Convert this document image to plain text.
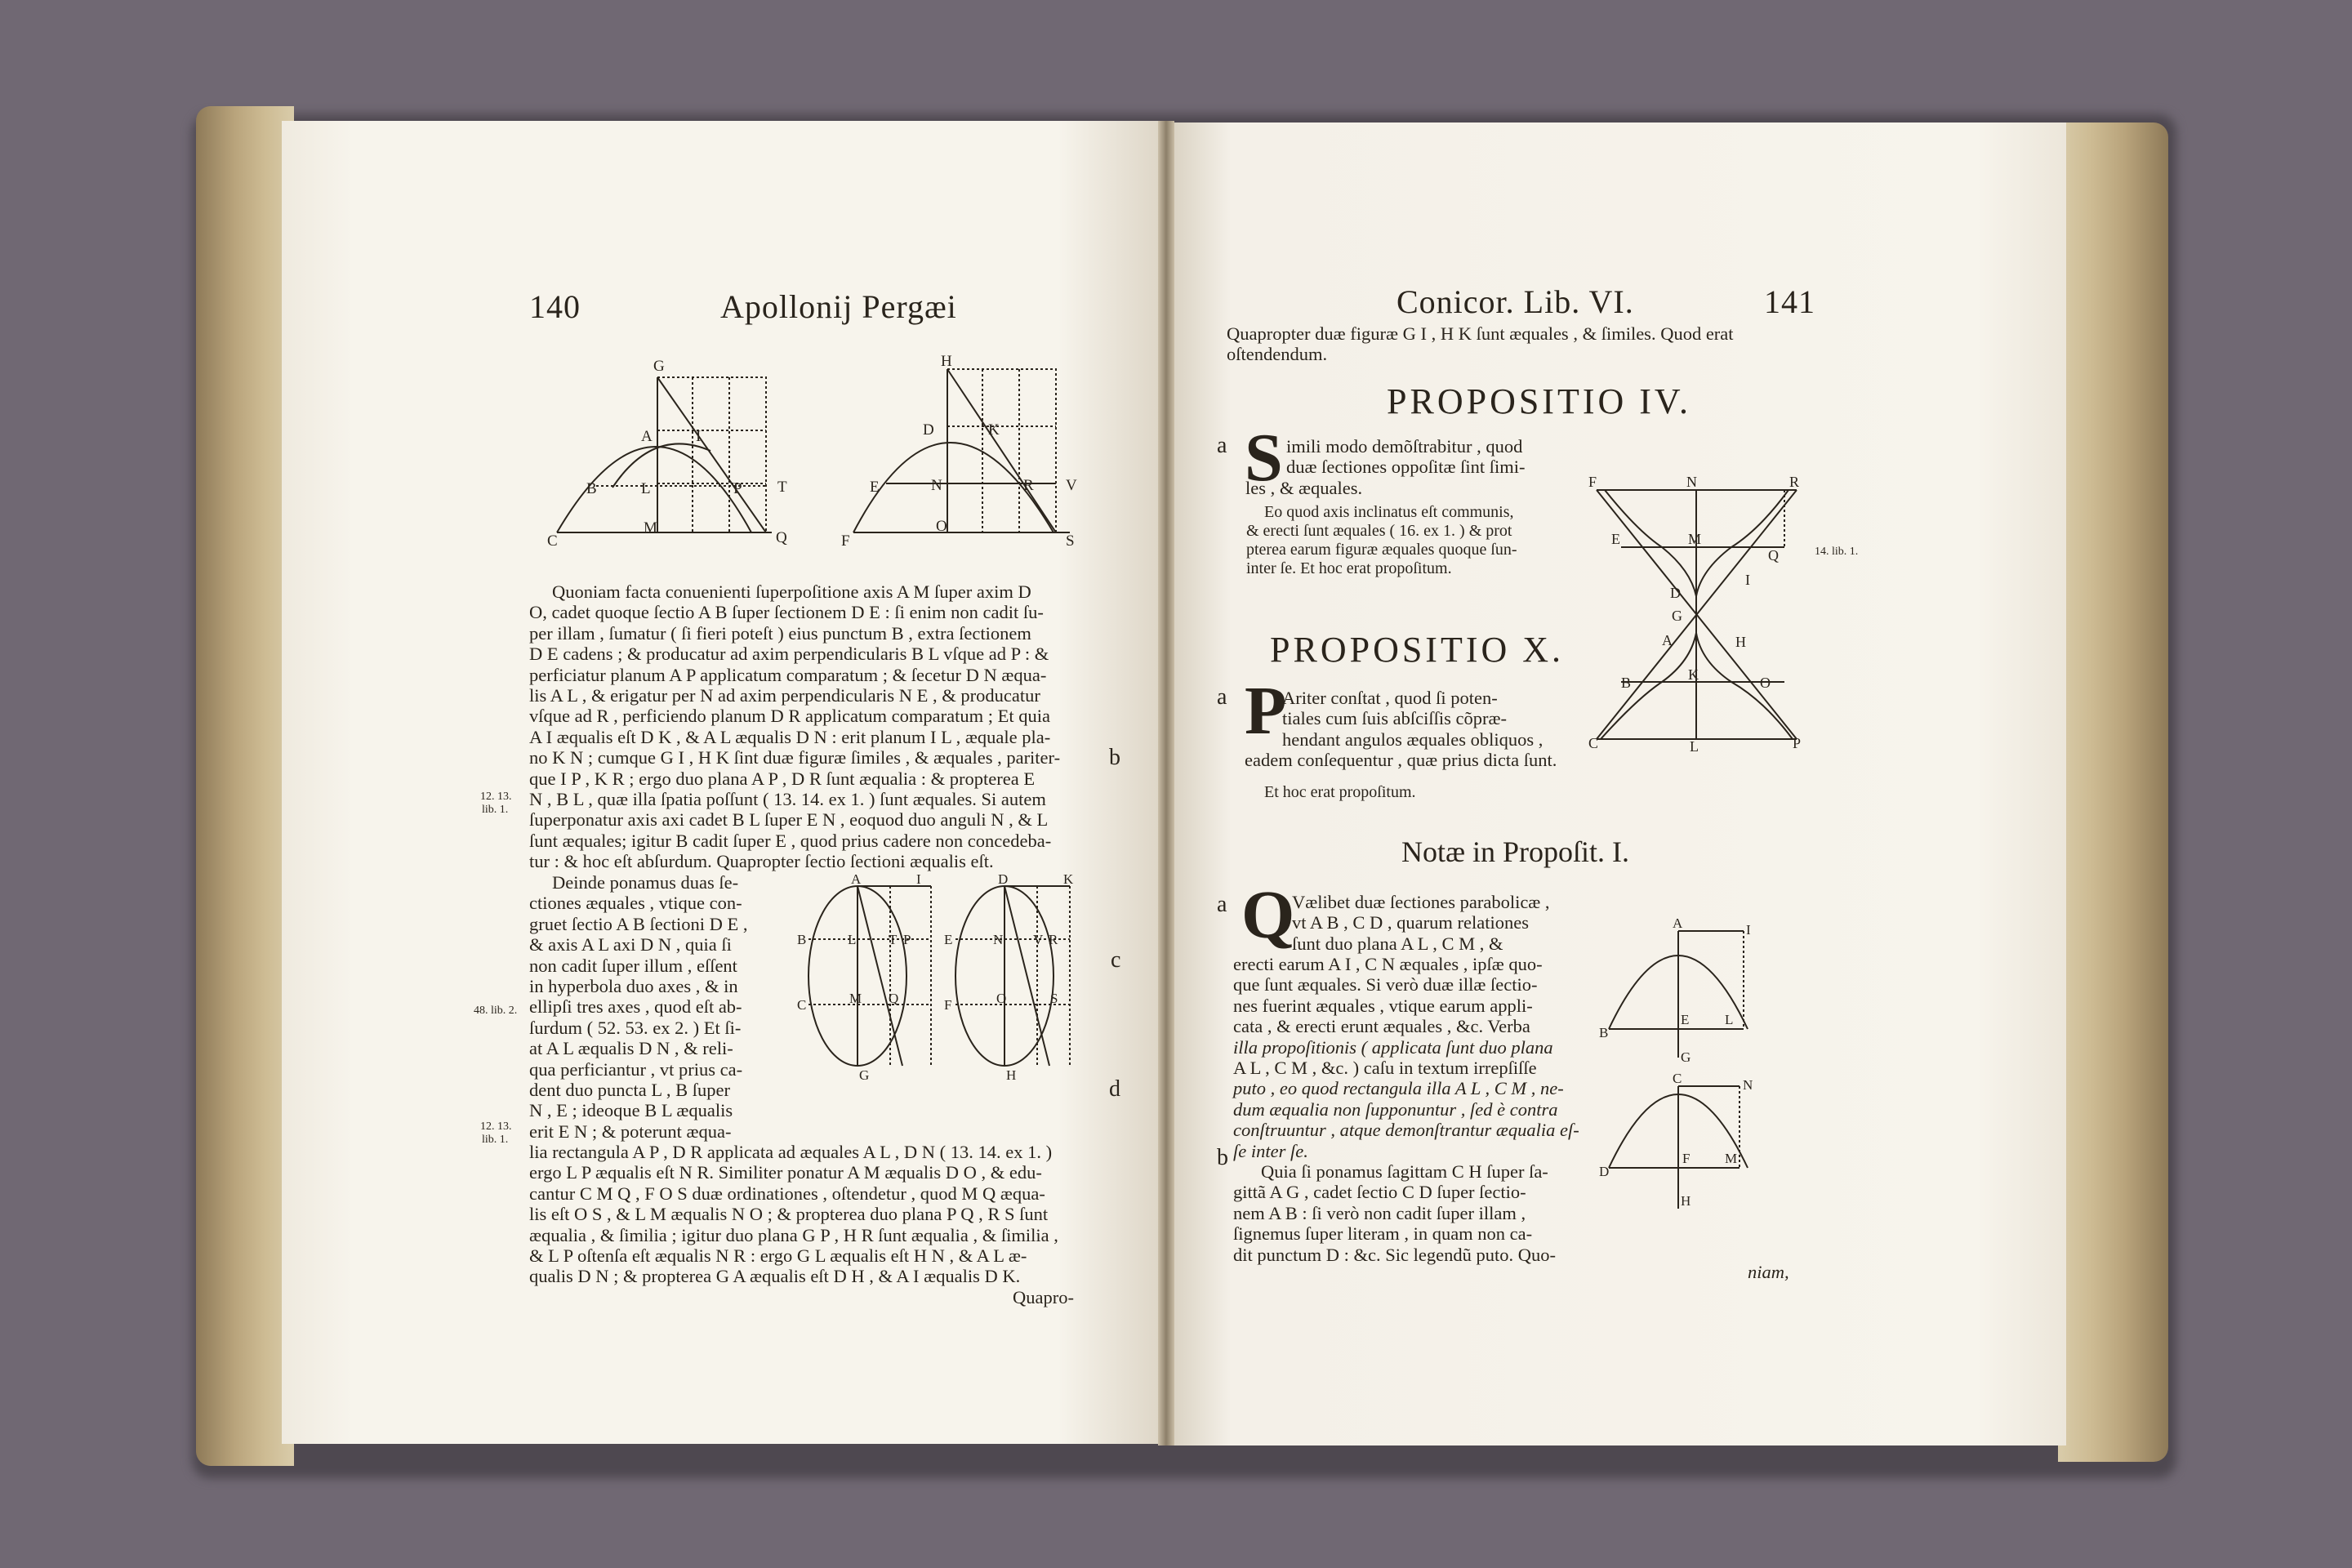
140	Apollonij Pergæi
G
A	I
B	L	P T
C
M
Q
H
D	K
E	N	R V
F
O
S
Quoniam facta conuenienti ſuperpoſitione axis A M ſuper axim D
O, cadet quoque ſectio A B ſuper ſectionem D E : ſi enim non cadit ſu-
per illam , ſumatur ( ſi fieri poteſt ) eius punctum B , extra ſectionem
D E cadens ; & producatur ad axim perpendicularis B L vſque ad P : &
perficiatur planum A P applicatum comparatum ; & ſecetur D N æqua-
lis A L , & erigatur per N ad axim perpendicularis N E , & producatur
vſque ad R , perficiendo planum D R applicatum comparatum ; Et quia
A I æqualis eſt D K , & A L æqualis D N : erit planum I L , æquale pla-
no K N ; cumque G I , H K ſint duæ figuræ ſimiles , & æquales , pariter-
que I P , K R ; ergo duo plana A P , D R ſunt æqualia : & propterea E
N , B L , quæ illa ſpatia poſſunt ( 13. 14. ex 1. ) ſunt æquales. Si autem
ſuperponatur axis axi cadet B L ſuper E N , eoquod duo anguli N , & L
ſunt æquales; igitur B cadit ſuper E , quod prius cadere non concedeba-
tur : & hoc eſt abſurdum. Quapropter ſectio ſectioni æqualis eſt.
Deinde ponamus duas ſe-
ctiones æquales , vtique con-
gruet ſectio A B ſectioni D E ,
& axis A L axi D N , quia ſi
non cadit ſuper illum , eſſent
in hyperbola duo axes , & in
ellipſi tres axes , quod eſt ab-
ſurdum ( 52. 53. ex 2. ) Et ſi-
at A L æqualis D N , & reli-
qua perficiantur , vt prius ca-
dent duo puncta L , B ſuper
N , E ; ideoque B L æqualis
erit E N ; & poterunt æqua-
A	I
B	L T P
C	M Q
G
D	K
E	N V R
F	O	S
H
lia rectangula A P , D R applicata ad æquales A L , D N ( 13. 14. ex 1. )
ergo L P æqualis eſt N R. Similiter ponatur A M æqualis D O , & edu-
cantur C M Q , F O S duæ ordinationes , oſtendetur , quod M Q æqua-
lis eſt O S , & L M æqualis N O ; & propterea duo plana P Q , R S ſunt
æqualia , & ſimilia ; igitur duo plana G P , H R ſunt æqualia , & ſimilia ,
& L P oſtenſa eſt æqualis N R : ergo G L æqualis eſt H N , & A L æ-
qualis D N ; & propterea G A æqualis eſt D H , & A I æqualis D K.
Quapro-
12. 13.
lib. 1.
48. lib. 2.
12. 13.
lib. 1.
b
c
d
Conicor. Lib. VI.	141
Quapropter duæ figuræ G I , H K ſunt æquales , & ſimiles. Quod erat
oſtendendum.
PROPOSITIO IV.
a S imili modo demõſtrabitur , quod
duæ ſectiones oppoſitæ ſint ſimi-
les , & æquales.
Eo quod axis inclinatus eſt communis,
& erecti ſunt æquales ( 16. ex 1. ) & prot
pterea earum figuræ æquales quoque ſun-
inter ſe. Et hoc erat propoſitum.
F	N	R
E	M
Q
I
D
G
A	H
B	K	O
C	L	P
14. lib. 1.
PROPOSITIO X.
a P
Ariter conſtat , quod ſi poten-
tiales cum ſuis abſciſſis cõpræ-
hendant angulos æquales obliquos ,
eadem conſequentur , quæ prius dicta ſunt.
Et hoc erat propoſitum.
Notæ in Propoſit. I.
a Q
Vælibet duæ ſectiones parabolicæ ,
vt A B , C D , quarum relationes
ſunt duo plana A L , C M , &
erecti earum A I , C N æquales , ipſæ quo-
que ſunt æquales. Si verò duæ illæ ſectio-
nes fuerint æquales , vtique earum appli-
cata , & erecti erunt æquales , &c. Verba
illa propoſitionis ( applicata ſunt duo plana
A L , C M , &c. ) caſu in textum irrepſiſſe
puto , eo quod rectangula illa A L , C M , ne-
dum æqualia non ſupponuntur , ſed è contra
conſtruuntur , atque demonſtrantur æqualia eſ-
ſe inter ſe.
b
Quia ſi ponamus ſagittam C H ſuper ſa-
gittã A G , cadet ſectio C D ſuper ſectio-
nem A B : ſi verò non cadit ſuper illam ,
ſignemus ſuper literam , in quam non ca-
dit punctum D : &c. Sic legendũ puto. Quo-
niam,
A	I
B
E	L
G
C	N
D
F	M
H
